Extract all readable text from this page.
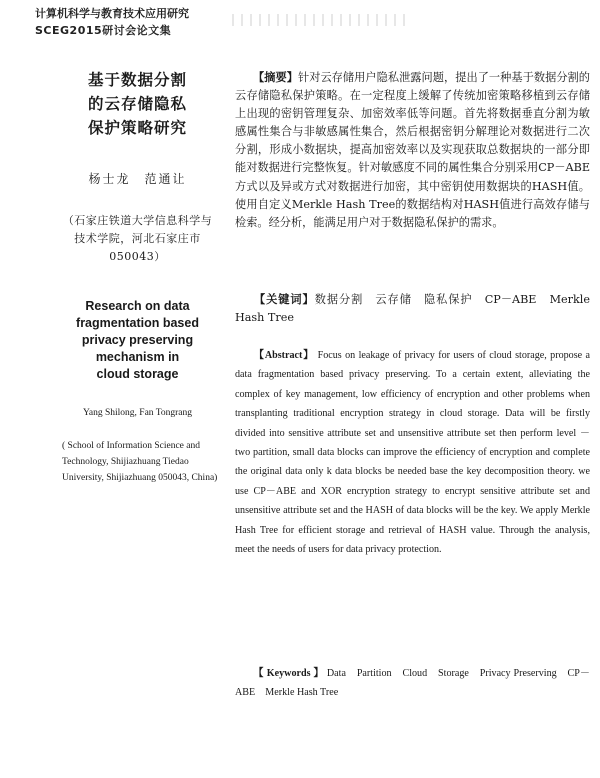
计算机科学与教育技术应用研究
SCEG2015研讨会论文集
基于数据分割
的云存储隐私
保护策略研究
杨士龙　范通让
（石家庄铁道大学信息科学与
技术学院，河北石家庄市
050043）
Research on data
fragmentation based
privacy preserving
mechanism in
cloud storage
Yang Shilong, Fan Tongrang
( School of Information Science and Technology, Shijiazhuang Tiedao University, Shijiazhuang 050043, China)

【摘要】针对云存储用户隐私泄露问题，提出了一种基于数据分割的云存储隐私保护策略。在一定程度上缓解了传统加密策略移植到云存储上出现的密钥管理复杂、加密效率低等问题。首先将数据垂直分割为敏感属性集合与非敏感属性集合，然后根据密钥分解理论对数据进行二次分割，形成小数据块，提高加密效率以及实现获取总数据块的一部分即能对数据进行完整恢复。针对敏感度不同的属性集合分别采用CP－ABE方式以及异或方式对数据进行加密，其中密钥使用数据块的HASH值。使用自定义Merkle Hash Tree的数据结构对HASH值进行高效存储与检索。经分析，能满足用户对于数据隐私保护的需求。

【关键词】数据分割　云存储　隐私保护　CP－ABE　Merkle Hash Tree

【Abstract】 Focus on leakage of privacy for users of cloud storage, propose a data fragmentation based privacy preserving. To a certain extent, alleviating the complex of key management, low efficiency of encryption and other problems when transplanting traditional encryption strategy in cloud storage. Data will be firstly divided into sensitive attribute set and unsensitive attribute set then perform level － two partition, small data blocks can improve the efficiency of encryption and complete the original data only k data blocks be needed base the key decomposition theory. we use CP－ABE and XOR encryption strategy to encrypt sensitive attribute set and unsensitive attribute set and the HASH of data blocks will be the key. We apply Merkle Hash Tree for efficient storage and retrieval of HASH value. Through the analysis, meet the needs of users for data privacy protection.

【 Keywords 】 Data　Partition　Cloud　Storage　Privacy Preserving　CP－ABE　Merkle Hash Tree
